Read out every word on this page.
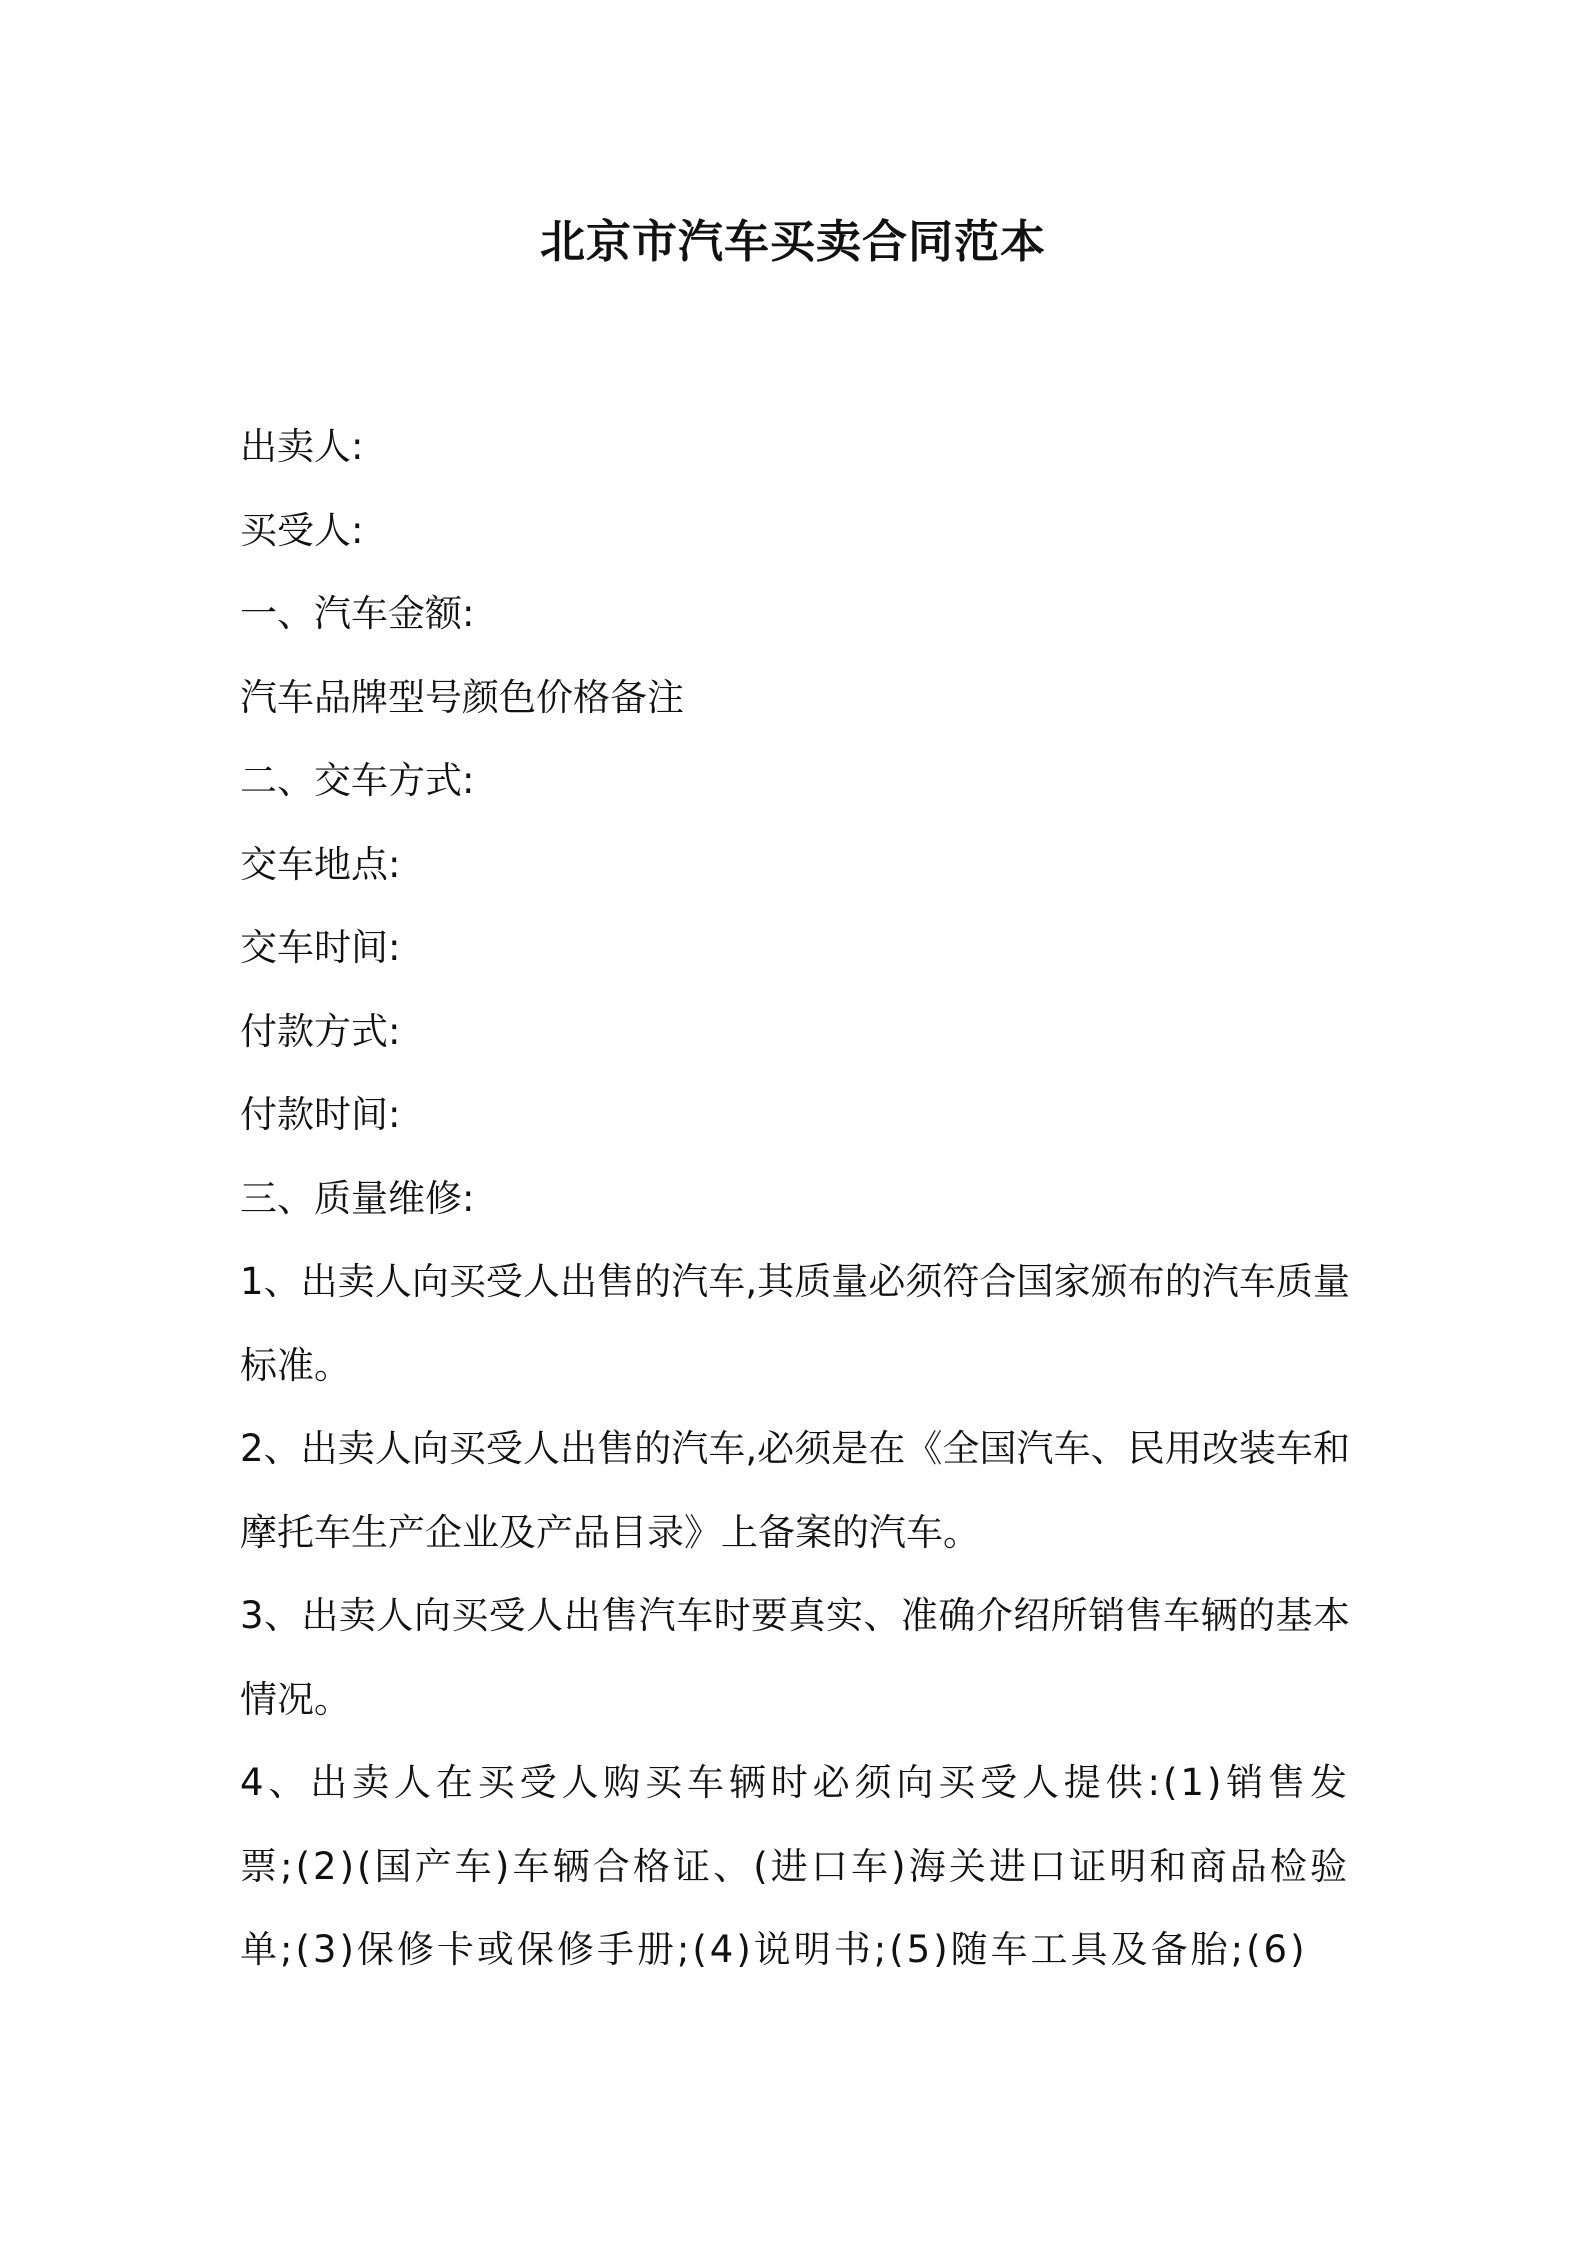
北京市汽车买卖合同范本

出卖人:

买受人:

一、汽车金额:

汽车品牌型号颜色价格备注

二、交车方式:

交车地点:

交车时间:

付款方式:

付款时间:

三、质量维修:

1、出卖人向买受人出售的汽车,其质量必须符合国家颁布的汽车质量标准。

2、出卖人向买受人出售的汽车,必须是在《全国汽车、民用改装车和摩托车生产企业及产品目录》上备案的汽车。

3、出卖人向买受人出售汽车时要真实、准确介绍所销售车辆的基本情况。

4、出卖人在买受人购买车辆时必须向买受人提供:(1)销售发票;(2)(国产车)车辆合格证、(进口车)海关进口证明和商品检验单;(3)保修卡或保修手册;(4)说明书;(5)随车工具及备胎;(6)
